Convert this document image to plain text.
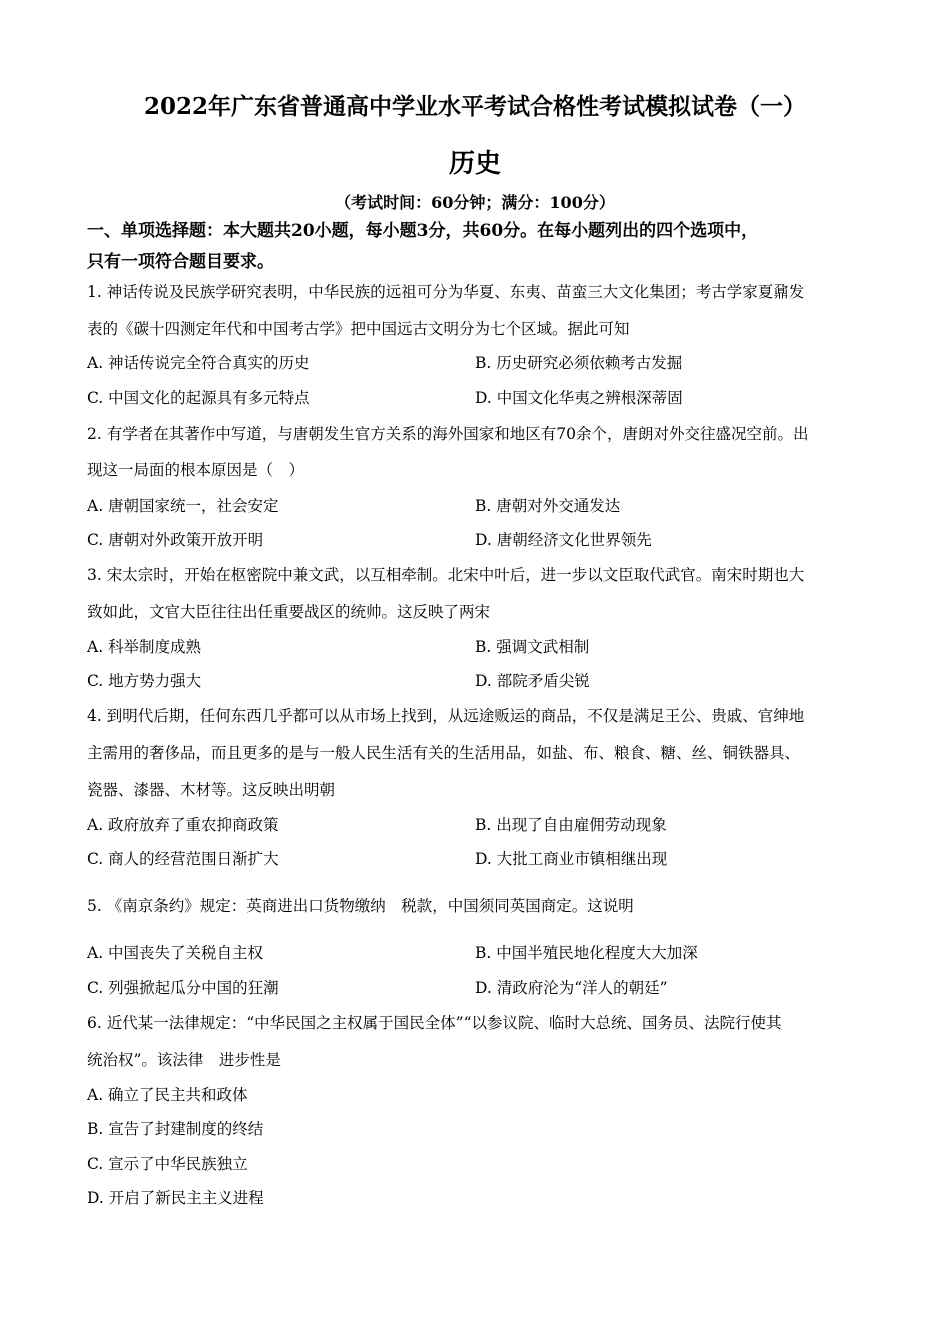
2022年广东省普通高中学业水平考试合格性考试模拟试卷（一）
历史
（考试时间：60分钟；满分：100分）
一、单项选择题：本大题共20小题，每小题3分，共60分。在每小题列出的四个选项中，
只有一项符合题目要求。
1. 神话传说及民族学研究表明，中华民族的远祖可分为华夏、东夷、苗蛮三大文化集团；考古学家夏鼐发
表的《碳十四测定年代和中国考古学》把中国远古文明分为七个区域。据此可知
A. 神话传说完全符合真实的历史	B. 历史研究必须依赖考古发掘
C. 中国文化的起源具有多元特点	D. 中国文化华夷之辨根深蒂固
2. 有学者在其著作中写道，与唐朝发生官方关系的海外国家和地区有70余个，唐朗对外交往盛况空前。出
现这一局面的根本原因是（　）
A. 唐朝国家统一，社会安定	B. 唐朝对外交通发达
C. 唐朝对外政策开放开明	D. 唐朝经济文化世界领先
3. 宋太宗时，开始在枢密院中兼文武，以互相牵制。北宋中叶后，进一步以文臣取代武官。南宋时期也大
致如此，文官大臣往往出任重要战区的统帅。这反映了两宋
A. 科举制度成熟	B. 强调文武相制
C. 地方势力强大	D. 部院矛盾尖锐
4. 到明代后期，任何东西几乎都可以从市场上找到，从远途贩运的商品，不仅是满足王公、贵戚、官绅地
主需用的奢侈品，而且更多的是与一般人民生活有关的生活用品，如盐、布、粮食、糖、丝、铜铁器具、
瓷器、漆器、木材等。这反映出明朝
A. 政府放弃了重农抑商政策	B. 出现了自由雇佣劳动现象
C. 商人的经营范围日渐扩大	D. 大批工商业市镇相继出现
5. 《南京条约》规定：英商进出口货物缴纳　税款，中国须同英国商定。这说明
A. 中国丧失了关税自主权	B. 中国半殖民地化程度大大加深
C. 列强掀起瓜分中国的狂潮	D. 清政府沦为“洋人的朝廷”
6. 近代某一法律规定：“中华民国之主权属于国民全体”“以参议院、临时大总统、国务员、法院行使其
统治权”。该法律　进步性是
A. 确立了民主共和政体
B. 宣告了封建制度的终结
C. 宣示了中华民族独立
D. 开启了新民主主义进程
